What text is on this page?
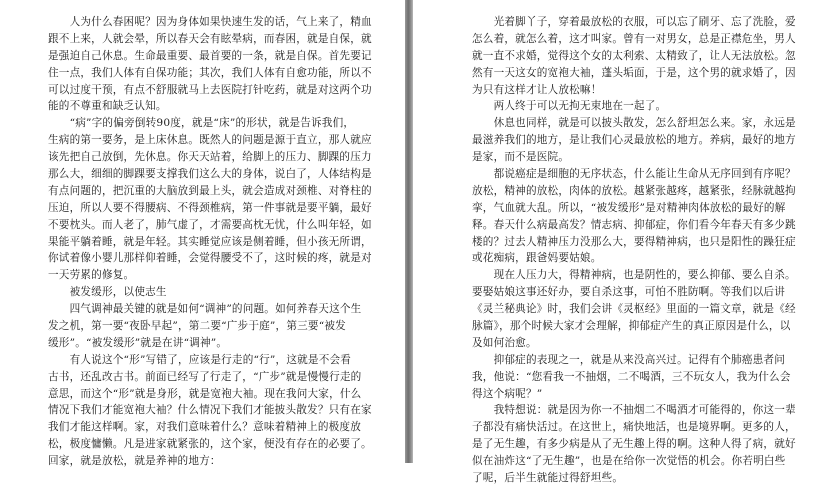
　　人为什么春困呢？因为身体如果快速生发的话，气上来了，精血
跟不上来，人就会晕，所以春天会有眩晕病，而春困，就是自保，就
是强迫自己休息。生命最重要、最首要的一条，就是自保。首先要记
住一点，我们人体有自保功能；其次，我们人体有自愈功能，所以不
可以过度干预，有点不舒服就马上去医院打针吃药，就是对这两个功
能的不尊重和缺乏认知。
　　“病”字的偏旁倒转90度，就是“床”的形状，就是告诉我们，
生病的第一要务，是上床休息。既然人的问题是源于直立，那人就应
该先把自己放倒，先休息。你天天站着，给脚上的压力、脚踝的压力
那么大，细细的脚踝要支撑我们这么大的身体，说白了，人体结构是
有点问题的，把沉重的大脑放到最上头，就会造成对颈椎、对脊柱的
压迫，所以人要不得腰病、不得颈椎病，第一件事就是要平躺，最好
不要枕头。而人老了，肺气虚了，才需要高枕无忧，什么叫年轻，如
果能平躺着睡，就是年轻。其实睡觉应该是侧着睡，但小孩无所谓，
你试着像小婴儿那样仰着睡，会觉得腰受不了，这时候的疼，就是对
一天劳累的修复。
　　被发缓形，以使志生
　　四气调神最关键的就是如何“调神”的问题。如何养春天这个生
发之机，第一要“夜卧早起”，第二要“广步于庭”，第三要“被发
缓形”。“被发缓形”就是在讲“调神”。
　　有人说这个“形”写错了，应该是行走的“行”，这就是不会看
古书，还乱改古书。前面已经写了行走了，“广步”就是慢慢行走的
意思，而这个“形”就是身形，就是宽袍大袖。现在我问大家，什么
情况下我们才能宽袍大袖？什么情况下我们才能披头散发？只有在家
我们才能这样啊。家，对我们意味着什么？意味着精神上的极度放
松，极度慵懒。凡是进家就紧张的，这个家，便没有存在的必要了。
回家，就是放松，就是养神的地方：
　　光着脚丫子，穿着最放松的衣服，可以忘了刷牙、忘了洗脸，爱
怎么着，就怎么着，这才叫家。曾有一对男女，总是正襟危坐，男人
就一直不求婚，觉得这个女的太利索、太精致了，让人无法放松。忽
然有一天这女的宽袍大袖，蓬头垢面，于是，这个男的就求婚了，因
为只有这样才让人放松嘛！
　　两人终于可以无拘无束地在一起了。
　　休息也同样，就是可以披头散发，怎么舒坦怎么来。家，永远是
最滋养我们的地方，是让我们心灵最放松的地方。养病，最好的地方
是家，而不是医院。
　　都说癌症是细胞的无序状态，什么能让生命从无序回到有序呢？
放松，精神的放松，肉体的放松。越紧张越疼，越紧张，经脉就越拘
挛，气血就大乱。所以，“被发缓形”是对精神肉体放松的最好的解
释。春天什么病最高发？情志病、抑郁症，你们看今年春天有多少跳
楼的？过去人精神压力没那么大，要得精神病，也只是阳性的躁狂症
或花痴病，跟爸妈要姑娘。
　　现在人压力大，得精神病，也是阴性的，要么抑郁、要么自杀。
要娶姑娘这事还好办，要自杀这事，可怕不胜防啊。等我们以后讲
《灵兰秘典论》时，我们会讲《灵枢经》里面的一篇文章，就是《经
脉篇》，那个时候大家才会理解，抑郁症产生的真正原因是什么，以
及如何治愈。
　　抑郁症的表现之一，就是从来没高兴过。记得有个肺癌患者问
我，他说：“您看我一不抽烟，二不喝酒，三不玩女人，我为什么会
得这个病呢？”
　　我特想说：就是因为你一不抽烟二不喝酒才可能得的，你这一辈
子都没有痛快活过。在这世上，痛快地活，也是境界啊。更多的人，
是了无生趣，有多少病是从了无生趣上得的啊。这种人得了病，就好
似在油炸这“了无生趣”，也是在给你一次觉悟的机会。你若明白些
了呢，后半生就能过得舒坦些。
